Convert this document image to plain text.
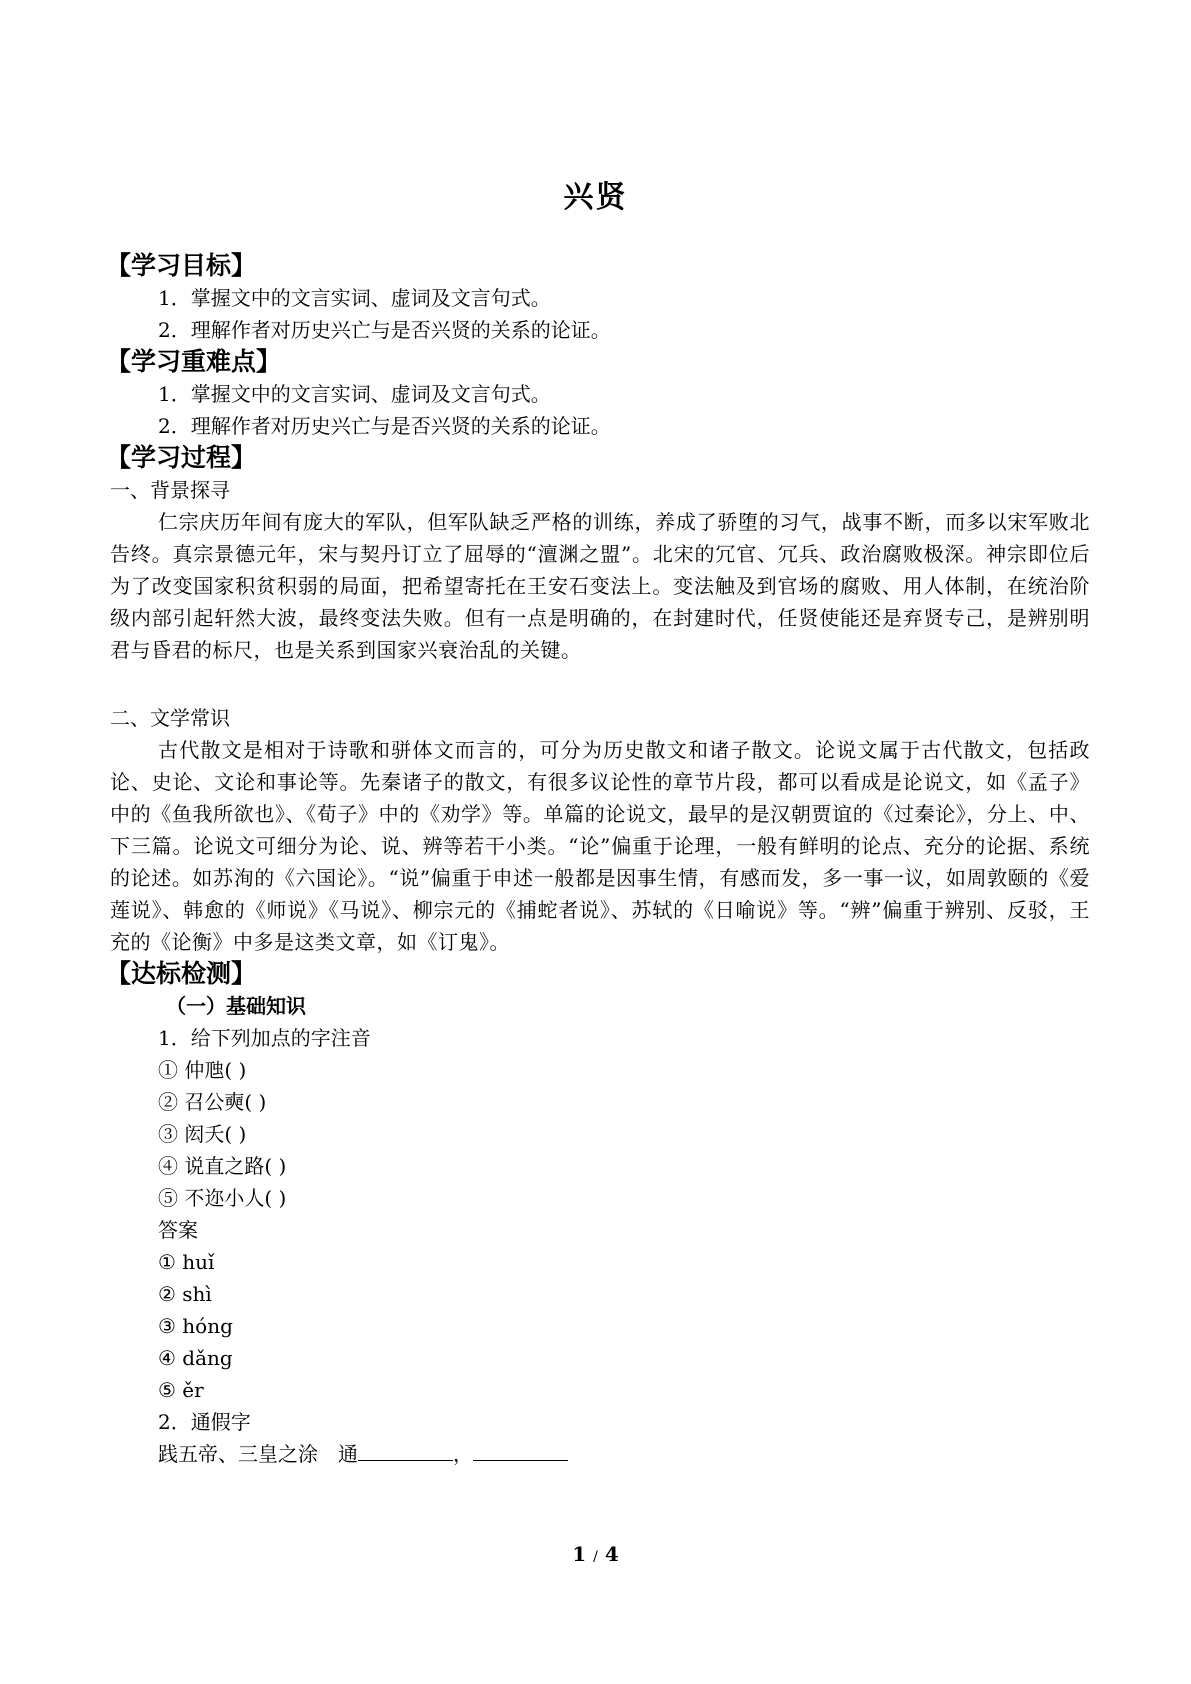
兴贤
【学习目标】
1．掌握文中的文言实词、虚词及文言句式。
2．理解作者对历史兴亡与是否兴贤的关系的论证。
【学习重难点】
1．掌握文中的文言实词、虚词及文言句式。
2．理解作者对历史兴亡与是否兴贤的关系的论证。
【学习过程】
一、背景探寻
仁宗庆历年间有庞大的军队，但军队缺乏严格的训练，养成了骄堕的习气，战事不断，而多以宋军败北告终。真宗景德元年，宋与契丹订立了屈辱的“澶渊之盟”。北宋的冗官、冗兵、政治腐败极深。神宗即位后为了改变国家积贫积弱的局面，把希望寄托在王安石变法上。变法触及到官场的腐败、用人体制，在统治阶级内部引起轩然大波，最终变法失败。但有一点是明确的，在封建时代，任贤使能还是弃贤专己，是辨别明君与昏君的标尺，也是关系到国家兴衰治乱的关键。
二、文学常识
古代散文是相对于诗歌和骈体文而言的，可分为历史散文和诸子散文。论说文属于古代散文，包括政论、史论、文论和事论等。先秦诸子的散文，有很多议论性的章节片段，都可以看成是论说文，如《孟子》中的《鱼我所欲也》、《荀子》中的《劝学》等。单篇的论说文，最早的是汉朝贾谊的《过秦论》，分上、中、下三篇。论说文可细分为论、说、辨等若干小类。“论”偏重于论理，一般有鲜明的论点、充分的论据、系统的论述。如苏洵的《六国论》。“说”偏重于申述一般都是因事生情，有感而发，多一事一议，如周敦颐的《爱莲说》、韩愈的《师说》《马说》、柳宗元的《捕蛇者说》、苏轼的《日喻说》等。“辨”偏重于辨别、反驳，王充的《论衡》中多是这类文章，如《订鬼》。
【达标检测】
（一）基础知识
1．给下列加点的字注音
① 仲虺( )
② 召公奭( )
③ 闳夭( )
④ 说直之路( )
⑤ 不迩小人( )
答案
① huǐ
② shì
③ hóng
④ dǎng
⑤ ěr
2．通假字
践五帝、三皇之涂　通	，
1 / 4
